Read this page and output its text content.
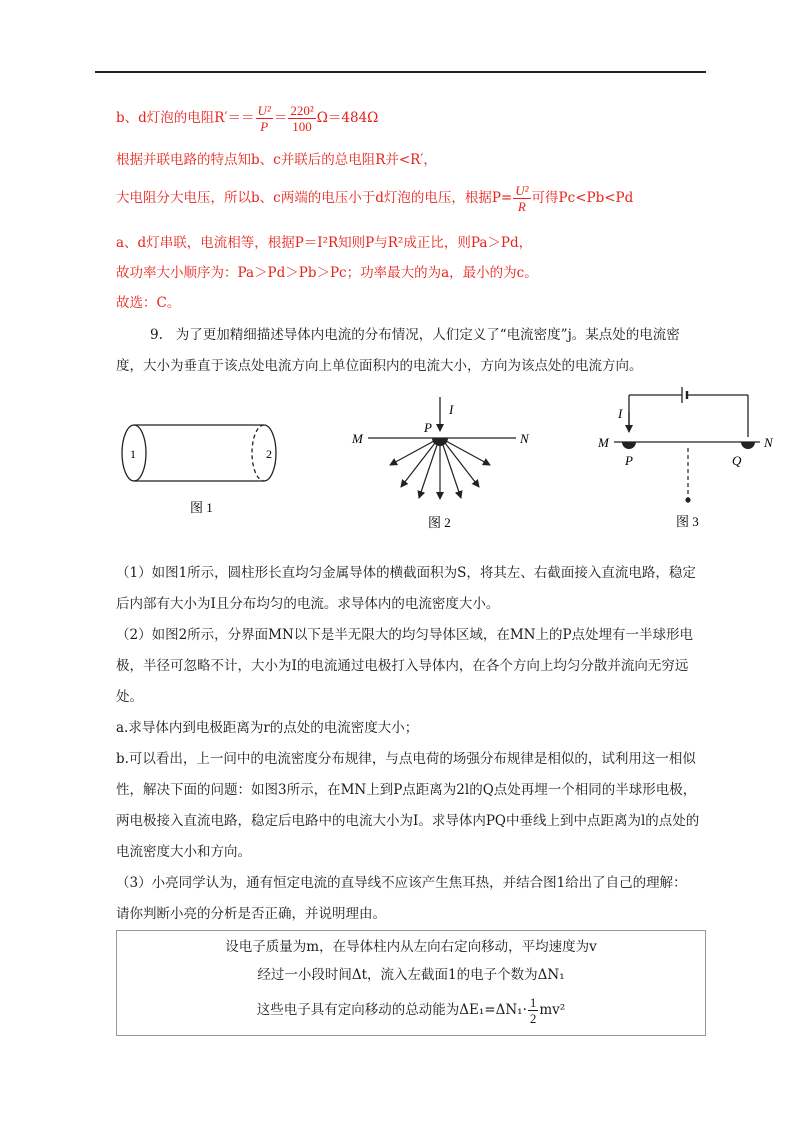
b、d灯泡的电阻$R'== \frac{\text{U²}}{P} = \frac{\text{220²}}{100} \Omega=484\Omega$
根据并联电路的特点知b、c并联后的总电阻R并<R′，
大电阻分大电压，所以b、c两端的电压小于d灯泡的电压，根据$P= \frac{\text{U²}}{R}$ 可得Pc<Pb<Pd
a、d灯串联，电流相等，根据P＝I²R知则P与R²成正比，则Pa＞Pd，
故功率大小顺序为：Pa＞Pd＞Pb＞Pc；功率最大的为a，最小的为c。
故选：C。
9. 为了更加精细描述导体内电流的分布情况，人们定义了“电流密度”j。某点处的电流密度，大小为垂直于该点处电流方向上单位面积内的电流大小，方向为该点处的电流方向。
1	2
图 1
M	N
P
I
图 2
M	N
P	Q
I
图 3
（1）如图1所示，圆柱形长直均匀金属导体的横截面积为S，将其左、右截面接入直流电路，稳定后内部有大小为I且分布均匀的电流。求导体内的电流密度大小。
（2）如图2所示，分界面MN以下是半无限大的均匀导体区域，在MN上的P点处埋有一半球形电极，半径可忽略不计，大小为I的电流通过电极打入导体内，在各个方向上均匀分散并流向无穷远处。
a.求导体内到电极距离为r的点处的电流密度大小；
b.可以看出，上一问中的电流密度分布规律，与点电荷的场强分布规律是相似的，试利用这一相似性，解决下面的问题：如图3所示，在MN上到P点距离为2l的Q点处再埋一个相同的半球形电极，两电极接入直流电路，稳定后电路中的电流大小为I。求导体内PQ中垂线上到中点距离为l的点处的电流密度大小和方向。
（3）小亮同学认为，通有恒定电流的直导线不应该产生焦耳热，并结合图1给出了自己的理解：请你判断小亮的分析是否正确，并说明理由。
设电子质量为m，在导体柱内从左向右定向移动，平均速度为v
经过一小段时间Δt，流入左截面1的电子个数为ΔN₁
这些电子具有定向移动的总动能为$\Delta E_1=\Delta N_1\cdot \frac{1}{2} mv^2$
